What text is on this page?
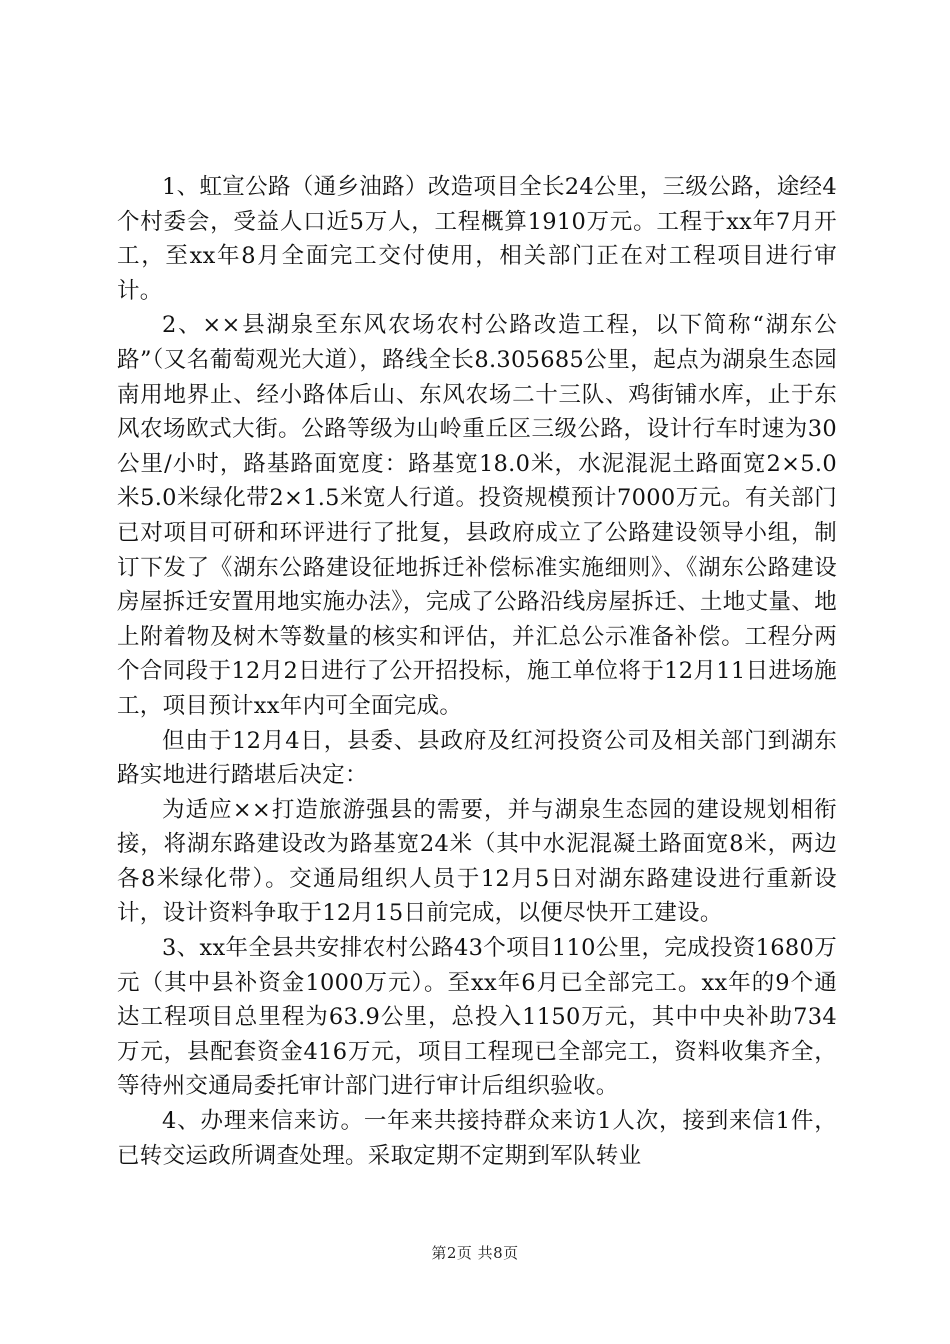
1、虹宣公路（通乡油路）改造项目全长24公里，三级公路，途经4个村委会，受益人口近5万人，工程概算1910万元。工程于xx年7月开工，至xx年8月全面完工交付使用，相关部门正在对工程项目进行审计。

2、××县湖泉至东风农场农村公路改造工程，以下简称“湖东公路”（又名葡萄观光大道），路线全长8.305685公里，起点为湖泉生态园南用地界止、经小路体后山、东风农场二十三队、鸡街铺水库，止于东风农场欧式大街。公路等级为山岭重丘区三级公路，设计行车时速为30公里/小时，路基路面宽度：路基宽18.0米，水泥混泥土路面宽2×5.0米5.0米绿化带2×1.5米宽人行道。投资规模预计7000万元。有关部门已对项目可研和环评进行了批复，县政府成立了公路建设领导小组，制订下发了《湖东公路建设征地拆迁补偿标准实施细则》、《湖东公路建设房屋拆迁安置用地实施办法》，完成了公路沿线房屋拆迁、土地丈量、地上附着物及树木等数量的核实和评估，并汇总公示准备补偿。工程分两个合同段于12月2日进行了公开招投标，施工单位将于12月11日进场施工，项目预计xx年内可全面完成。

但由于12月4日，县委、县政府及红河投资公司及相关部门到湖东路实地进行踏堪后决定：

为适应××打造旅游强县的需要，并与湖泉生态园的建设规划相衔接，将湖东路建设改为路基宽24米（其中水泥混凝土路面宽8米，两边各8米绿化带）。交通局组织人员于12月5日对湖东路建设进行重新设计，设计资料争取于12月15日前完成，以便尽快开工建设。

3、xx年全县共安排农村公路43个项目110公里，完成投资1680万元（其中县补资金1000万元）。至xx年6月已全部完工。xx年的9个通达工程项目总里程为63.9公里，总投入1150万元，其中中央补助734万元，县配套资金416万元，项目工程现已全部完工，资料收集齐全，等待州交通局委托审计部门进行审计后组织验收。

4、办理来信来访。一年来共接持群众来访1人次，接到来信1件，已转交运政所调查处理。采取定期不定期到军队转业

第2页 共8页
